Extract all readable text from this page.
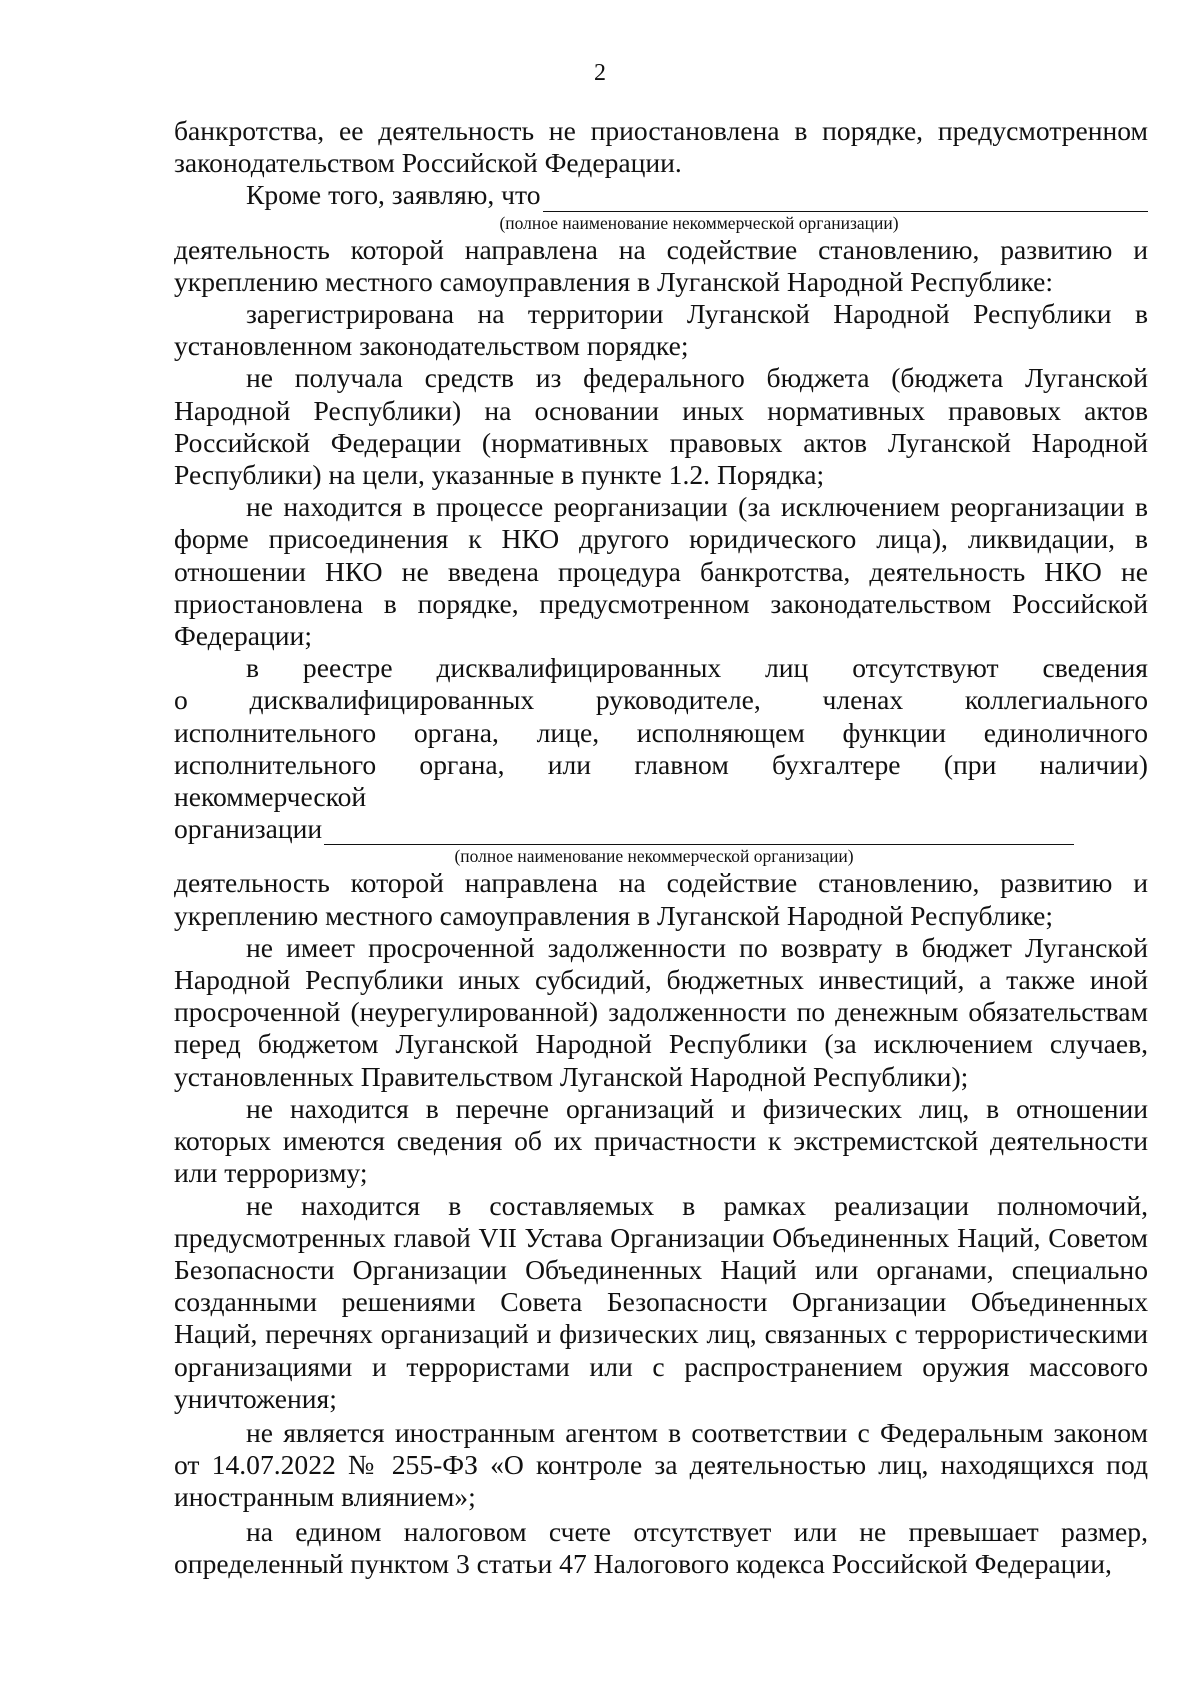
2

банкротства, ее деятельность не приостановлена в порядке, предусмотренном законодательством Российской Федерации.

Кроме того, заявляю, что
(полное наименование некоммерческой организации)

деятельность которой направлена на содействие становлению, развитию и укреплению местного самоуправления в Луганской Народной Республике:

зарегистрирована на территории Луганской Народной Республики в установленном законодательством порядке;

не получала средств из федерального бюджета (бюджета Луганской Народной Республики) на основании иных нормативных правовых актов Российской Федерации (нормативных правовых актов Луганской Народной Республики) на цели, указанные в пункте 1.2. Порядка;

не находится в процессе реорганизации (за исключением реорганизации в форме присоединения к НКО другого юридического лица), ликвидации, в отношении НКО не введена процедура банкротства, деятельность НКО не приостановлена в порядке, предусмотренном законодательством Российской Федерации;

в реестре дисквалифицированных лиц отсутствуют сведения
о дисквалифицированных руководителе, членах коллегиального
исполнительного органа, лице, исполняющем функции единоличного
исполнительного органа, или главном бухгалтере (при наличии)
некоммерческой
организации
(полное наименование некоммерческой организации)

деятельность которой направлена на содействие становлению, развитию и укреплению местного самоуправления в Луганской Народной Республике;

не имеет просроченной задолженности по возврату в бюджет Луганской Народной Республики иных субсидий, бюджетных инвестиций, а также иной просроченной (неурегулированной) задолженности по денежным обязательствам перед бюджетом Луганской Народной Республики (за исключением случаев, установленных Правительством Луганской Народной Республики);

не находится в перечне организаций и физических лиц, в отношении которых имеются сведения об их причастности к экстремистской деятельности или терроризму;

не находится в составляемых в рамках реализации полномочий, предусмотренных главой VII Устава Организации Объединенных Наций, Советом Безопасности Организации Объединенных Наций или органами, специально созданными решениями Совета Безопасности Организации Объединенных Наций, перечнях организаций и физических лиц, связанных с террористическими организациями и террористами или с распространением оружия массового уничтожения;

не является иностранным агентом в соответствии с Федеральным законом от 14.07.2022 № 255-ФЗ «О контроле за деятельностью лиц, находящихся под иностранным влиянием»;

на едином налоговом счете отсутствует или не превышает размер, определенный пунктом 3 статьи 47 Налогового кодекса Российской Федерации,
